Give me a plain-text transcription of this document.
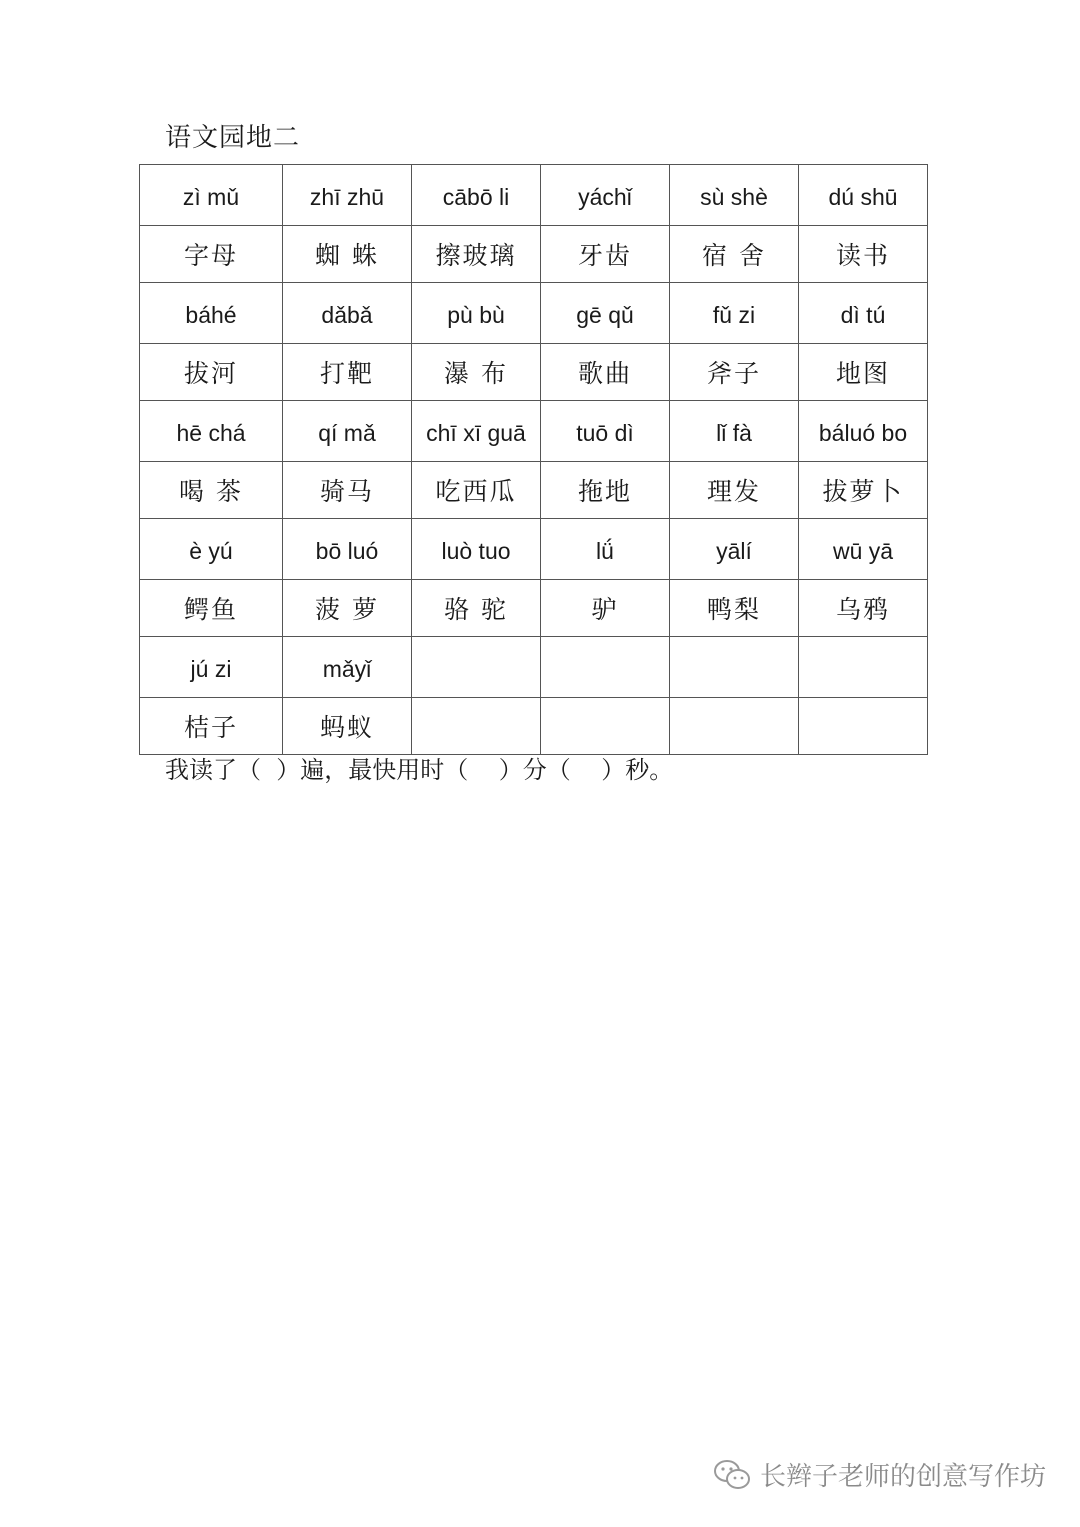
语文园地二
zì mǔ	zhī zhū	cābō li	yáchǐ	sù shè	dú shū
字母	蜘 蛛	擦玻璃	牙齿	宿 舍	读书
báhé	dǎbǎ	pù bù	gē qǔ	fǔ zi	dì tú
拔河	打靶	瀑 布	歌曲	斧子	地图
hē chá	qí mǎ	chī xī guā	tuō dì	lǐ fà	báluó bo
喝 茶	骑马	吃西瓜	拖地	理发	拔萝卜
è yú	bō luó	luò tuo	lǘ	yālí	wū yā
鳄鱼	菠 萝	骆 驼	驴	鸭梨	乌鸦
jú zi	mǎyǐ				
桔子	蚂蚁				
我读了（  ）遍，最快用时（    ）分（    ）秒。
长辫子老师的创意写作坊
